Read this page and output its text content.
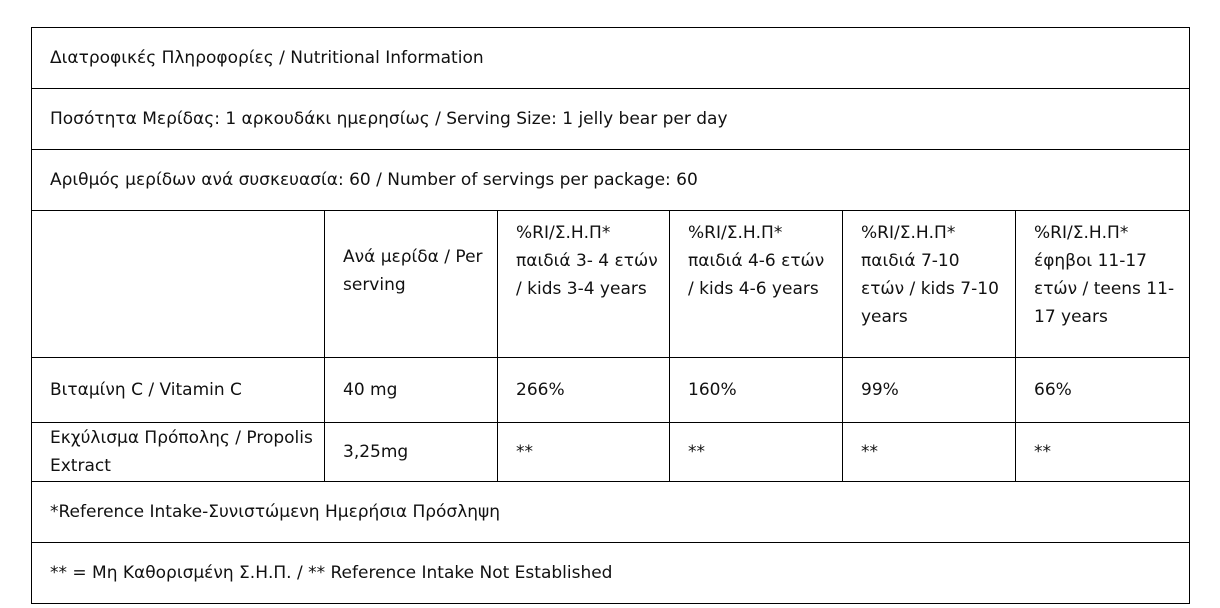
Διατροφικές Πληροφορίες / Nutritional Information					
Ποσότητα Μερίδας: 1 αρκουδάκι ημερησίως / Serving Size: 1 jelly bear per day					
Αριθμός μερίδων ανά συσκευασία: 60 / Number of servings per package: 60					
	Ανά μερίδα / Per serving	%RI/Σ.Η.Π* παιδιά 3- 4 ετών / kids 3-4 years	%RI/Σ.Η.Π* παιδιά 4-6 ετών / kids 4-6 years	%RI/Σ.Η.Π* παιδιά 7-10 ετών / kids 7-10 years	%RI/Σ.Η.Π* έφηβοι 11-17 ετών / teens 11-17 years
Βιταμίνη C / Vitamin C	40 mg	266%	160%	99%	66%
Εκχύλισμα Πρόπολης / Propolis Extract	3,25mg	**	**	**	**
*Reference Intake-Συνιστώμενη Ημερήσια Πρόσληψη					
** = Μη Καθορισμένη Σ.Η.Π. / ** Reference Intake Not Established					
